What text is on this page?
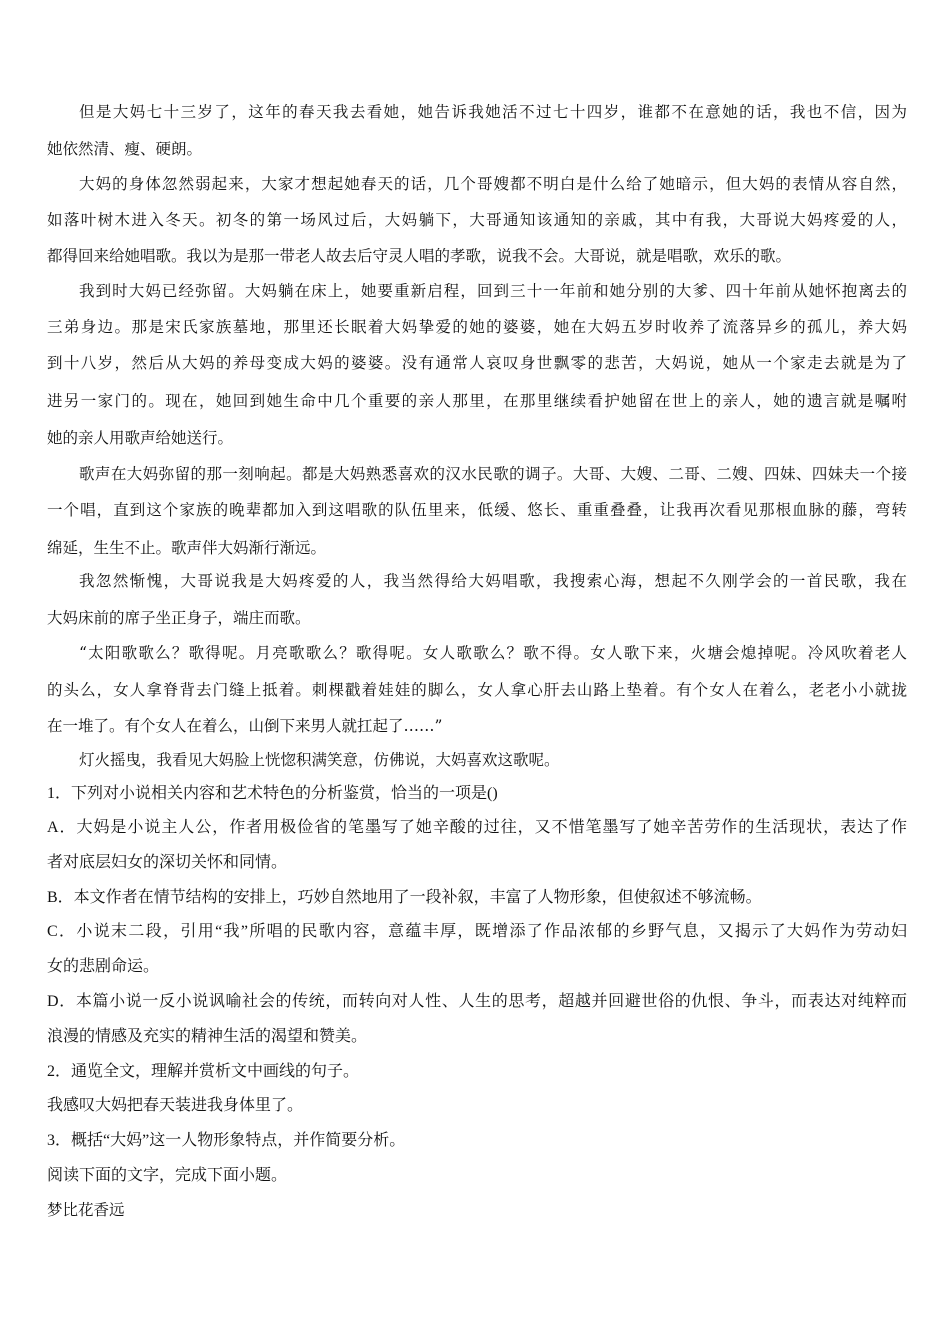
但是大妈七十三岁了，这年的春天我去看她，她告诉我她活不过七十四岁，谁都不在意她的话，我也不信，因为
她依然清、瘦、硬朗。
大妈的身体忽然弱起来，大家才想起她春天的话，几个哥嫂都不明白是什么给了她暗示，但大妈的表情从容自然，
如落叶树木进入冬天。初冬的第一场风过后，大妈躺下，大哥通知该通知的亲戚，其中有我，大哥说大妈疼爱的人，
都得回来给她唱歌。我以为是那一带老人故去后守灵人唱的孝歌，说我不会。大哥说，就是唱歌，欢乐的歌。
我到时大妈已经弥留。大妈躺在床上，她要重新启程，回到三十一年前和她分别的大爹、四十年前从她怀抱离去的
三弟身边。那是宋氏家族墓地，那里还长眠着大妈挚爱的她的婆婆，她在大妈五岁时收养了流落异乡的孤儿，养大妈
到十八岁，然后从大妈的养母变成大妈的婆婆。没有通常人哀叹身世飘零的悲苦，大妈说，她从一个家走去就是为了
进另一家门的。现在，她回到她生命中几个重要的亲人那里，在那里继续看护她留在世上的亲人，她的遗言就是嘱咐
她的亲人用歌声给她送行。
歌声在大妈弥留的那一刻响起。都是大妈熟悉喜欢的汉水民歌的调子。大哥、大嫂、二哥、二嫂、四妹、四妹夫一个接
一个唱，直到这个家族的晚辈都加入到这唱歌的队伍里来，低缓、悠长、重重叠叠，让我再次看见那根血脉的藤，弯转
绵延，生生不止。歌声伴大妈渐行渐远。
我忽然惭愧，大哥说我是大妈疼爱的人，我当然得给大妈唱歌，我搜索心海，想起不久刚学会的一首民歌，我在
大妈床前的席子坐正身子，端庄而歌。
“太阳歌歌么？歌得呢。月亮歌歌么？歌得呢。女人歌歌么？歌不得。女人歌下来，火塘会熄掉呢。冷风吹着老人
的头么，女人拿脊背去门缝上抵着。刺棵戳着娃娃的脚么，女人拿心肝去山路上垫着。有个女人在着么，老老小小就拢
在一堆了。有个女人在着么，山倒下来男人就扛起了……”
灯火摇曳，我看见大妈脸上恍惚积满笑意，仿佛说，大妈喜欢这歌呢。
1．下列对小说相关内容和艺术特色的分析鉴赏，恰当的一项是()
A．大妈是小说主人公，作者用极俭省的笔墨写了她辛酸的过往，又不惜笔墨写了她辛苦劳作的生活现状，表达了作
者对底层妇女的深切关怀和同情。
B．本文作者在情节结构的安排上，巧妙自然地用了一段补叙，丰富了人物形象，但使叙述不够流畅。
C．小说末二段，引用“我”所唱的民歌内容，意蕴丰厚，既增添了作品浓郁的乡野气息，又揭示了大妈作为劳动妇
女的悲剧命运。
D．本篇小说一反小说讽喻社会的传统，而转向对人性、人生的思考，超越并回避世俗的仇恨、争斗，而表达对纯粹而
浪漫的情感及充实的精神生活的渴望和赞美。
2．通览全文，理解并赏析文中画线的句子。
我感叹大妈把春天装进我身体里了。
3．概括“大妈”这一人物形象特点，并作简要分析。
阅读下面的文字，完成下面小题。
梦比花香远
